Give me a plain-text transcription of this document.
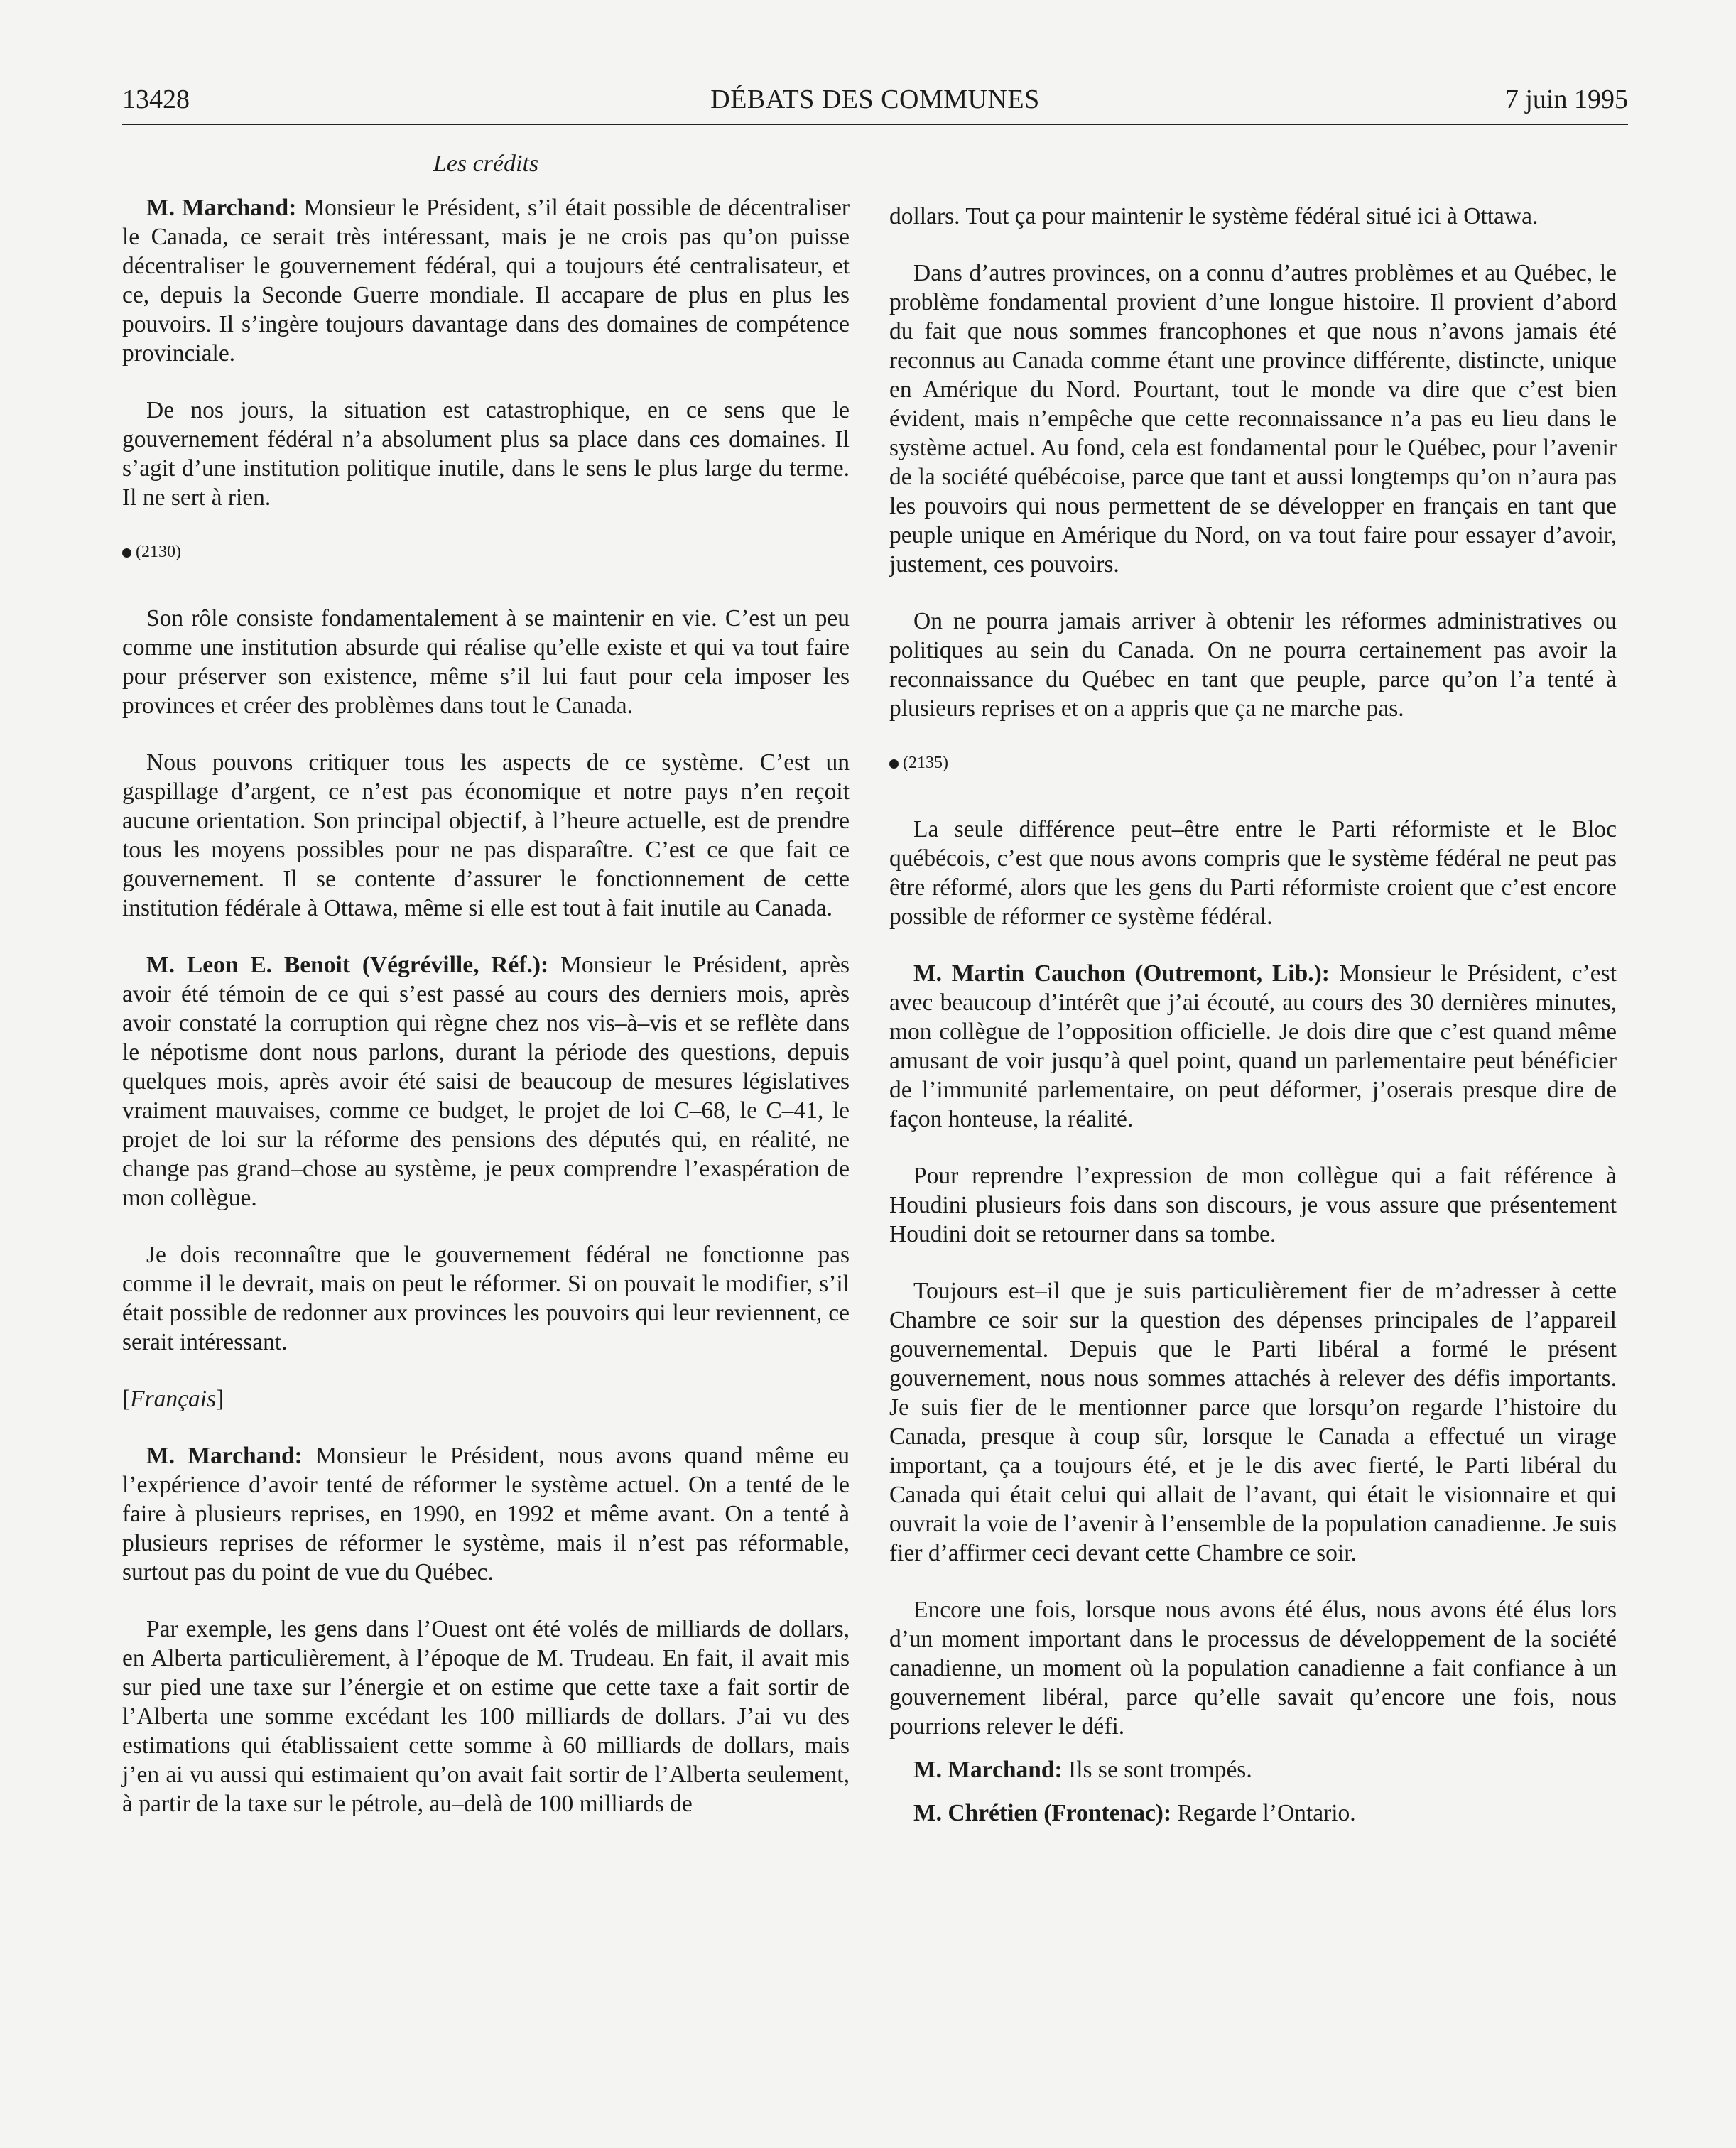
13428	DÉBATS DES COMMUNES	7 juin 1995
Les crédits

M. Marchand: Monsieur le Président, s’il était possible de décentraliser le Canada, ce serait très intéressant, mais je ne crois pas qu’on puisse décentraliser le gouvernement fédéral, qui a toujours été centralisateur, et ce, depuis la Seconde Guerre mondiale. Il accapare de plus en plus les pouvoirs. Il s’ingère toujours davantage dans des domaines de compétence provinciale.

De nos jours, la situation est catastrophique, en ce sens que le gouvernement fédéral n’a absolument plus sa place dans ces domaines. Il s’agit d’une institution politique inutile, dans le sens le plus large du terme. Il ne sert à rien.

(2130)

Son rôle consiste fondamentalement à se maintenir en vie. C’est un peu comme une institution absurde qui réalise qu’elle existe et qui va tout faire pour préserver son existence, même s’il lui faut pour cela imposer les provinces et créer des problèmes dans tout le Canada.

Nous pouvons critiquer tous les aspects de ce système. C’est un gaspillage d’argent, ce n’est pas économique et notre pays n’en reçoit aucune orientation. Son principal objectif, à l’heure actuelle, est de prendre tous les moyens possibles pour ne pas disparaître. C’est ce que fait ce gouvernement. Il se contente d’assurer le fonctionnement de cette institution fédérale à Ottawa, même si elle est tout à fait inutile au Canada.

M. Leon E. Benoit (Végréville, Réf.): Monsieur le Président, après avoir été témoin de ce qui s’est passé au cours des derniers mois, après avoir constaté la corruption qui règne chez nos vis–à–vis et se reflète dans le népotisme dont nous parlons, durant la période des questions, depuis quelques mois, après avoir été saisi de beaucoup de mesures législatives vraiment mauvaises, comme ce budget, le projet de loi C–68, le C–41, le projet de loi sur la réforme des pensions des députés qui, en réalité, ne change pas grand–chose au système, je peux comprendre l’exaspération de mon collègue.

Je dois reconnaître que le gouvernement fédéral ne fonctionne pas comme il le devrait, mais on peut le réformer. Si on pouvait le modifier, s’il était possible de redonner aux provinces les pouvoirs qui leur reviennent, ce serait intéressant.

[Français]

M. Marchand: Monsieur le Président, nous avons quand même eu l’expérience d’avoir tenté de réformer le système actuel. On a tenté de le faire à plusieurs reprises, en 1990, en 1992 et même avant. On a tenté à plusieurs reprises de réformer le système, mais il n’est pas réformable, surtout pas du point de vue du Québec.

Par exemple, les gens dans l’Ouest ont été volés de milliards de dollars, en Alberta particulièrement, à l’époque de M. Trudeau. En fait, il avait mis sur pied une taxe sur l’énergie et on estime que cette taxe a fait sortir de l’Alberta une somme excédant les 100 milliards de dollars. J’ai vu des estimations qui établissaient cette somme à 60 milliards de dollars, mais j’en ai vu aussi qui estimaient qu’on avait fait sortir de l’Alberta seulement, à partir de la taxe sur le pétrole, au–delà de 100 milliards de

dollars. Tout ça pour maintenir le système fédéral situé ici à Ottawa.

Dans d’autres provinces, on a connu d’autres problèmes et au Québec, le problème fondamental provient d’une longue histoire. Il provient d’abord du fait que nous sommes francophones et que nous n’avons jamais été reconnus au Canada comme étant une province différente, distincte, unique en Amérique du Nord. Pourtant, tout le monde va dire que c’est bien évident, mais n’empêche que cette reconnaissance n’a pas eu lieu dans le système actuel. Au fond, cela est fondamental pour le Québec, pour l’avenir de la société québécoise, parce que tant et aussi longtemps qu’on n’aura pas les pouvoirs qui nous permettent de se développer en français en tant que peuple unique en Amérique du Nord, on va tout faire pour essayer d’avoir, justement, ces pouvoirs.

On ne pourra jamais arriver à obtenir les réformes administratives ou politiques au sein du Canada. On ne pourra certainement pas avoir la reconnaissance du Québec en tant que peuple, parce qu’on l’a tenté à plusieurs reprises et on a appris que ça ne marche pas.

(2135)

La seule différence peut–être entre le Parti réformiste et le Bloc québécois, c’est que nous avons compris que le système fédéral ne peut pas être réformé, alors que les gens du Parti réformiste croient que c’est encore possible de réformer ce système fédéral.

M. Martin Cauchon (Outremont, Lib.): Monsieur le Président, c’est avec beaucoup d’intérêt que j’ai écouté, au cours des 30 dernières minutes, mon collègue de l’opposition officielle. Je dois dire que c’est quand même amusant de voir jusqu’à quel point, quand un parlementaire peut bénéficier de l’immunité parlementaire, on peut déformer, j’oserais presque dire de façon honteuse, la réalité.

Pour reprendre l’expression de mon collègue qui a fait référence à Houdini plusieurs fois dans son discours, je vous assure que présentement Houdini doit se retourner dans sa tombe.

Toujours est–il que je suis particulièrement fier de m’adresser à cette Chambre ce soir sur la question des dépenses principales de l’appareil gouvernemental. Depuis que le Parti libéral a formé le présent gouvernement, nous nous sommes attachés à relever des défis importants. Je suis fier de le mentionner parce que lorsqu’on regarde l’histoire du Canada, presque à coup sûr, lorsque le Canada a effectué un virage important, ça a toujours été, et je le dis avec fierté, le Parti libéral du Canada qui était celui qui allait de l’avant, qui était le visionnaire et qui ouvrait la voie de l’avenir à l’ensemble de la population canadienne. Je suis fier d’affirmer ceci devant cette Chambre ce soir.

Encore une fois, lorsque nous avons été élus, nous avons été élus lors d’un moment important dans le processus de développement de la société canadienne, un moment où la population canadienne a fait confiance à un gouvernement libéral, parce qu’elle savait qu’encore une fois, nous pourrions relever le défi.

M. Marchand: Ils se sont trompés.

M. Chrétien (Frontenac): Regarde l’Ontario.
